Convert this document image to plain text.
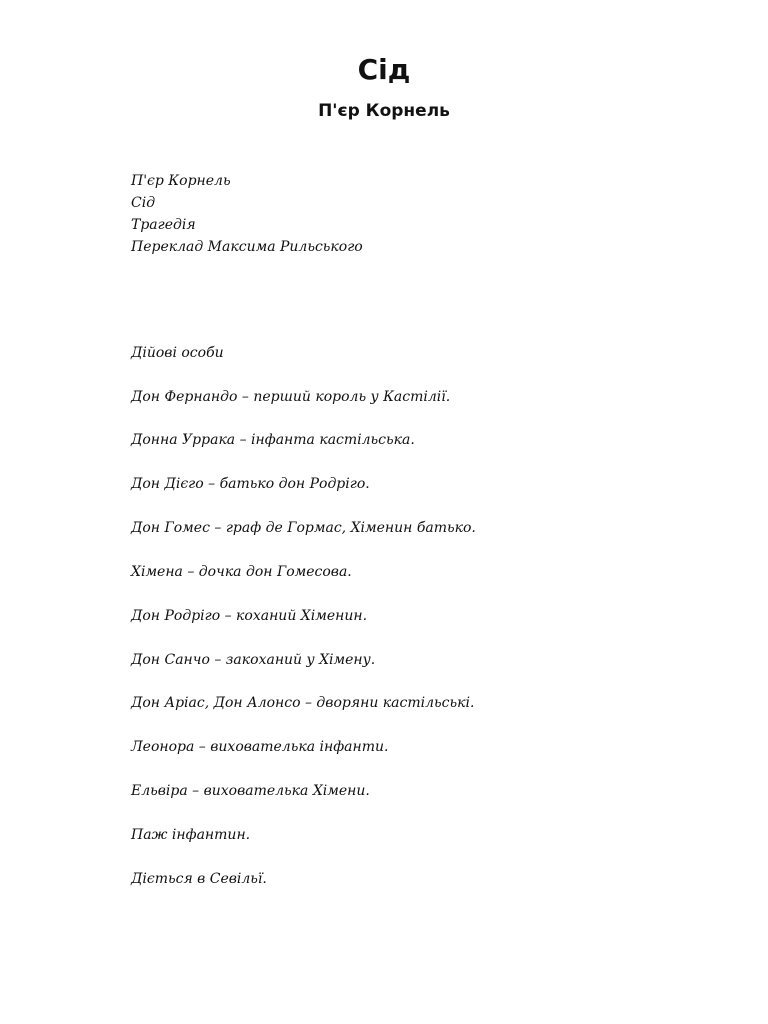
Сід
П'єр Корнель
П'єр Корнель
Сід
Трагедія
Переклад Максима Рильського
Дійові особи
Дон Фернандо – перший король у Кастілії.
Донна Уррака – інфанта кастільська.
Дон Дієго – батько дон Родріго.
Дон Гомес – граф де Гормас, Хіменин батько.
Хімена – дочка дон Гомесова.
Дон Родріго – коханий Хіменин.
Дон Санчо – закоханий у Хімену.
Дон Аріас, Дон Алонсо – дворяни кастільські.
Леонора – вихователька інфанти.
Ельвіра – вихователька Хімени.
Паж інфантин.
Діється в Севільї.
